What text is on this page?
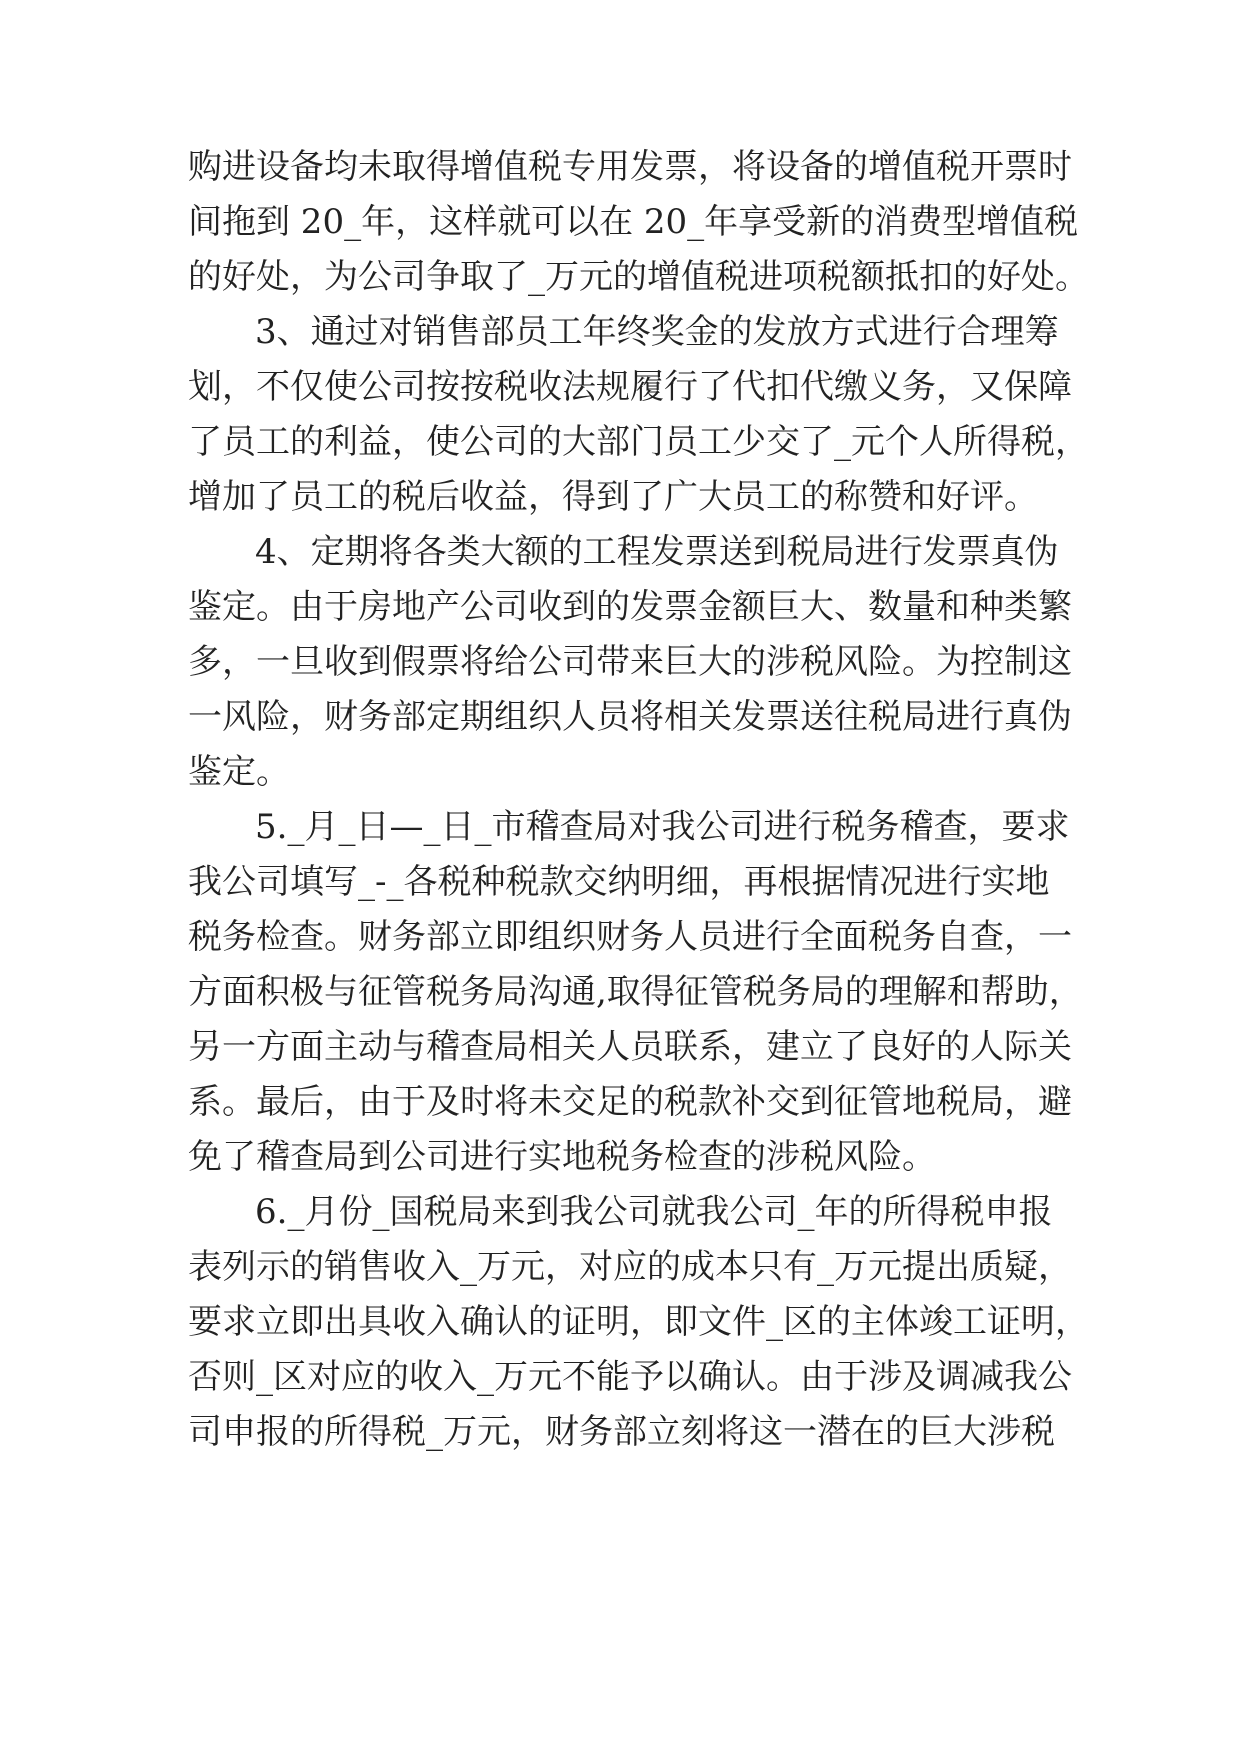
购进设备均未取得增值税专用发票，将设备的增值税开票时
间拖到 20_年，这样就可以在 20_年享受新的消费型增值税
的好处，为公司争取了_万元的增值税进项税额抵扣的好处。
3、通过对销售部员工年终奖金的发放方式进行合理筹
划，不仅使公司按按税收法规履行了代扣代缴义务，又保障
了员工的利益，使公司的大部门员工少交了_元个人所得税，
增加了员工的税后收益，得到了广大员工的称赞和好评。
4、定期将各类大额的工程发票送到税局进行发票真伪
鉴定。由于房地产公司收到的发票金额巨大、数量和种类繁
多，一旦收到假票将给公司带来巨大的涉税风险。为控制这
一风险，财务部定期组织人员将相关发票送往税局进行真伪
鉴定。
5._月_日—_日_市稽查局对我公司进行税务稽查，要求
我公司填写_-_各税种税款交纳明细，再根据情况进行实地
税务检查。财务部立即组织财务人员进行全面税务自查，一
方面积极与征管税务局沟通,取得征管税务局的理解和帮助，
另一方面主动与稽查局相关人员联系，建立了良好的人际关
系。最后，由于及时将未交足的税款补交到征管地税局，避
免了稽查局到公司进行实地税务检查的涉税风险。
6._月份_国税局来到我公司就我公司_年的所得税申报
表列示的销售收入_万元，对应的成本只有_万元提出质疑，
要求立即出具收入确认的证明，即文件_区的主体竣工证明，
否则_区对应的收入_万元不能予以确认。由于涉及调减我公
司申报的所得税_万元，财务部立刻将这一潜在的巨大涉税
